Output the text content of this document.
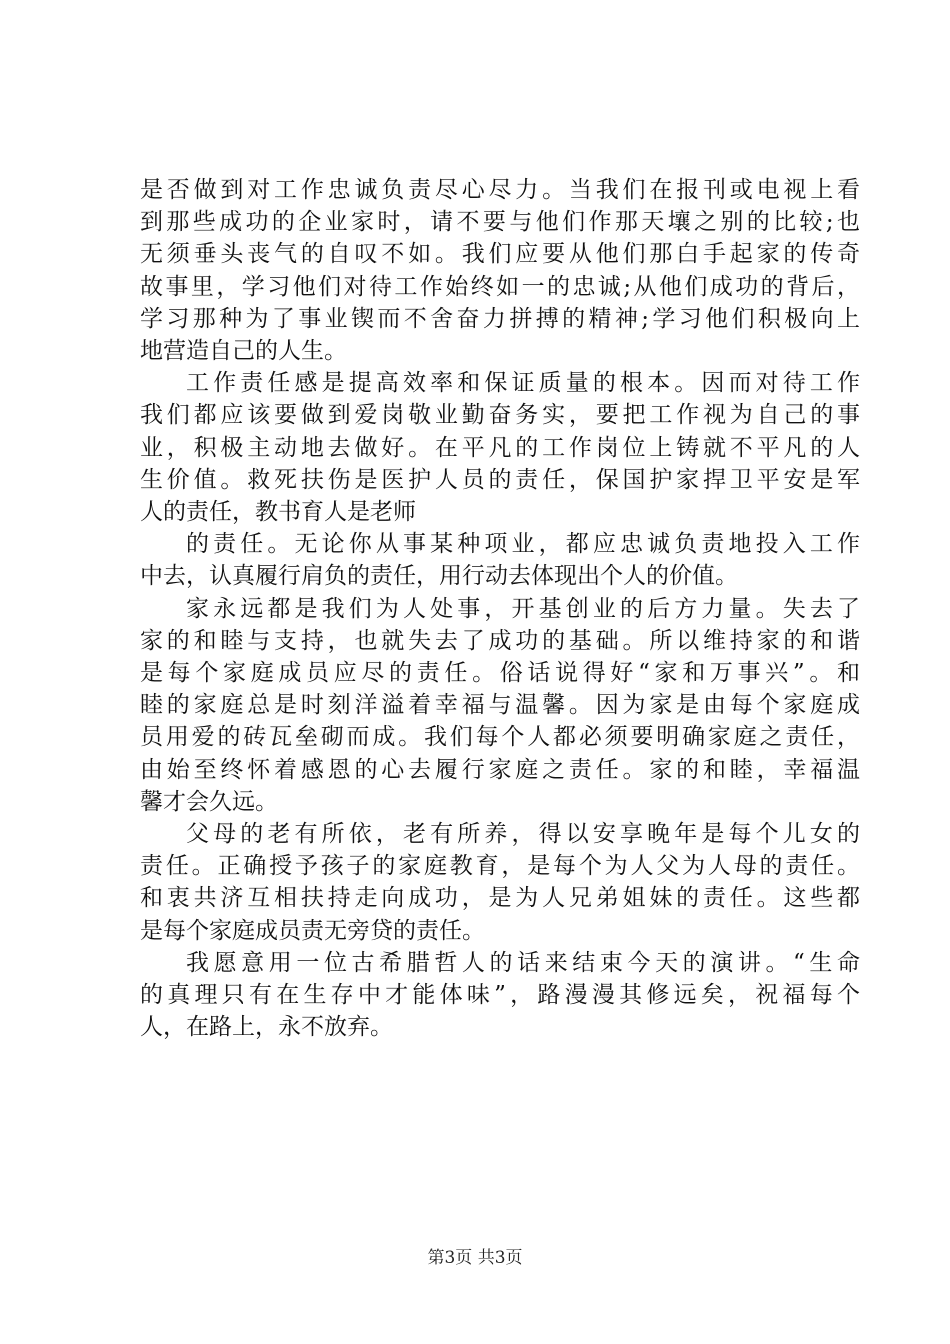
是否做到对工作忠诚负责尽心尽力。当我们在报刊或电视上看
到那些成功的企业家时，请不要与他们作那天壤之别的比较;也
无须垂头丧气的自叹不如。我们应要从他们那白手起家的传奇
故事里，学习他们对待工作始终如一的忠诚;从他们成功的背后，
学习那种为了事业锲而不舍奋力拼搏的精神;学习他们积极向上
地营造自己的人生。
工作责任感是提高效率和保证质量的根本。因而对待工作
我们都应该要做到爱岗敬业勤奋务实，要把工作视为自己的事
业，积极主动地去做好。在平凡的工作岗位上铸就不平凡的人
生价值。救死扶伤是医护人员的责任，保国护家捍卫平安是军
人的责任，教书育人是老师
的责任。无论你从事某种项业，都应忠诚负责地投入工作
中去，认真履行肩负的责任，用行动去体现出个人的价值。
家永远都是我们为人处事，开基创业的后方力量。失去了
家的和睦与支持，也就失去了成功的基础。所以维持家的和谐
是每个家庭成员应尽的责任。俗话说得好“家和万事兴”。和
睦的家庭总是时刻洋溢着幸福与温馨。因为家是由每个家庭成
员用爱的砖瓦垒砌而成。我们每个人都必须要明确家庭之责任，
由始至终怀着感恩的心去履行家庭之责任。家的和睦，幸福温
馨才会久远。
父母的老有所依，老有所养，得以安享晚年是每个儿女的
责任。正确授予孩子的家庭教育，是每个为人父为人母的责任。
和衷共济互相扶持走向成功，是为人兄弟姐妹的责任。这些都
是每个家庭成员责无旁贷的责任。
我愿意用一位古希腊哲人的话来结束今天的演讲。“生命
的真理只有在生存中才能体味”，路漫漫其修远矣，祝福每个
人，在路上，永不放弃。
第3页 共3页
